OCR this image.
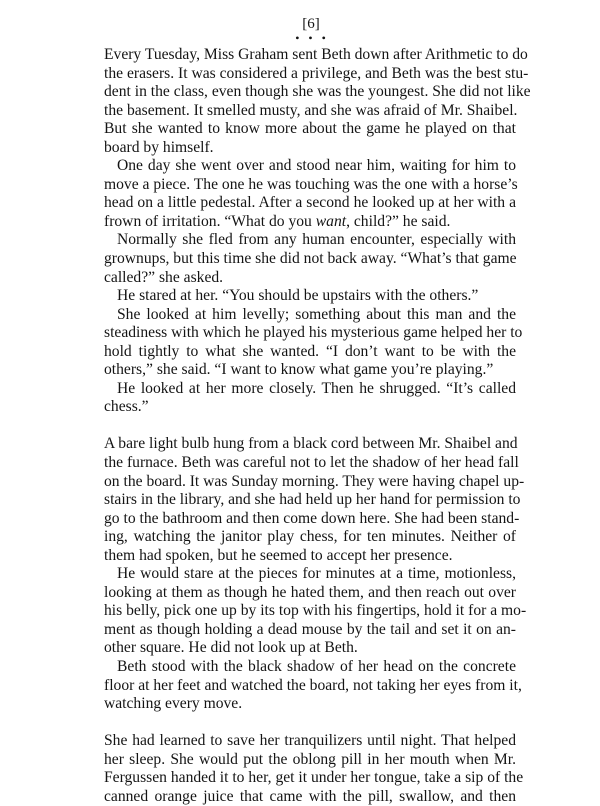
[6]
• • •
Every Tuesday, Miss Graham sent Beth down after Arithmetic to do
the erasers. It was considered a privilege, and Beth was the best stu-
dent in the class, even though she was the youngest. She did not like
the basement. It smelled musty, and she was afraid of Mr. Shaibel.
But she wanted to know more about the game he played on that
board by himself.
One day she went over and stood near him, waiting for him to
move a piece. The one he was touching was the one with a horse’s
head on a little pedestal. After a second he looked up at her with a
frown of irritation. “What do you want, child?” he said.
Normally she fled from any human encounter, especially with
grownups, but this time she did not back away. “What’s that game
called?” she asked.
He stared at her. “You should be upstairs with the others.”
She looked at him levelly; something about this man and the
steadiness with which he played his mysterious game helped her to
hold tightly to what she wanted. “I don’t want to be with the
others,” she said. “I want to know what game you’re playing.”
He looked at her more closely. Then he shrugged. “It’s called
chess.”
A bare light bulb hung from a black cord between Mr. Shaibel and
the furnace. Beth was careful not to let the shadow of her head fall
on the board. It was Sunday morning. They were having chapel up-
stairs in the library, and she had held up her hand for permission to
go to the bathroom and then come down here. She had been stand-
ing, watching the janitor play chess, for ten minutes. Neither of
them had spoken, but he seemed to accept her presence.
He would stare at the pieces for minutes at a time, motionless,
looking at them as though he hated them, and then reach out over
his belly, pick one up by its top with his fingertips, hold it for a mo-
ment as though holding a dead mouse by the tail and set it on an-
other square. He did not look up at Beth.
Beth stood with the black shadow of her head on the concrete
floor at her feet and watched the board, not taking her eyes from it,
watching every move.
She had learned to save her tranquilizers until night. That helped
her sleep. She would put the oblong pill in her mouth when Mr.
Fergussen handed it to her, get it under her tongue, take a sip of the
canned orange juice that came with the pill, swallow, and then
